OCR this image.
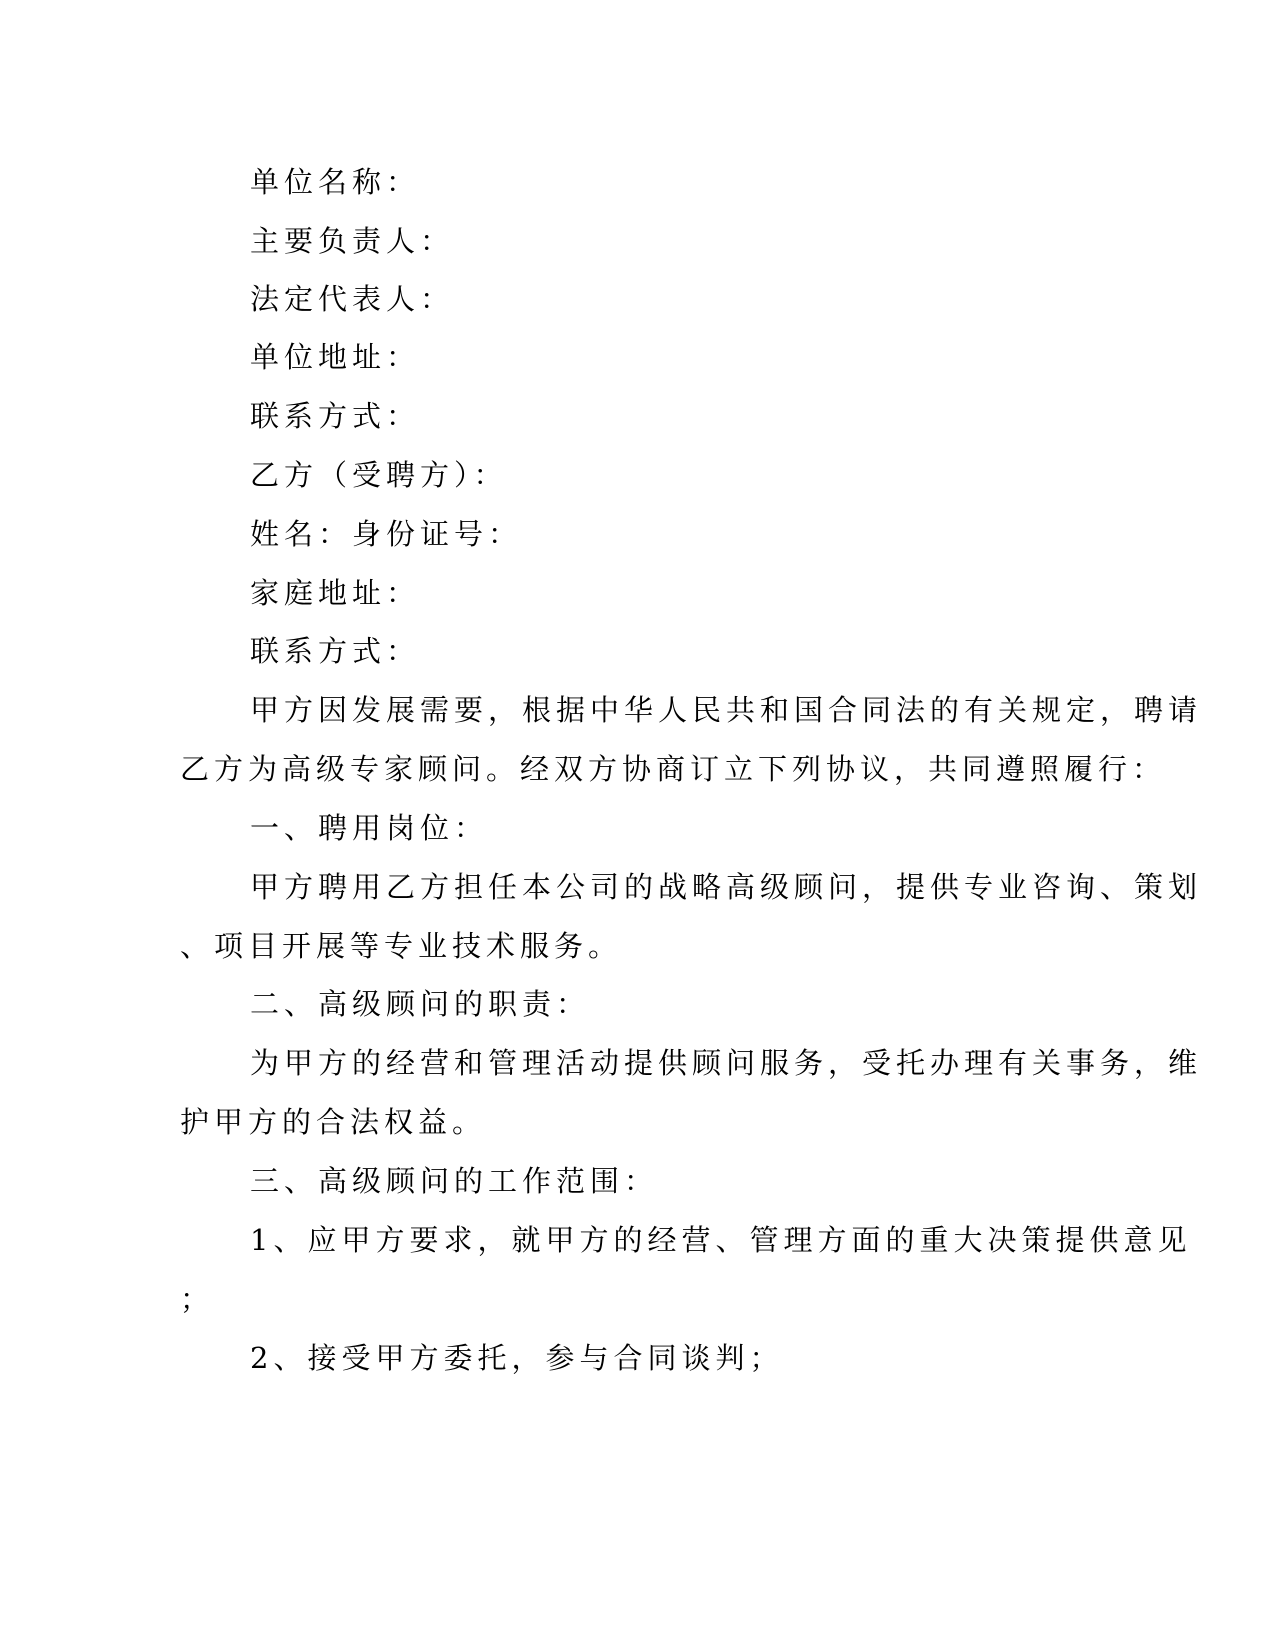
单位名称：
主要负责人：
法定代表人：
单位地址：
联系方式：
乙方（受聘方）：
姓名：身份证号：
家庭地址：
联系方式：
甲方因发展需要，根据中华人民共和国合同法的有关规定，聘请
乙方为高级专家顾问。经双方协商订立下列协议，共同遵照履行：
一、聘用岗位：
甲方聘用乙方担任本公司的战略高级顾问，提供专业咨询、策划
、项目开展等专业技术服务。
二、高级顾问的职责：
为甲方的经营和管理活动提供顾问服务，受托办理有关事务，维
护甲方的合法权益。
三、高级顾问的工作范围：
1、应甲方要求，就甲方的经营、管理方面的重大决策提供意见
；
2、接受甲方委托，参与合同谈判；
